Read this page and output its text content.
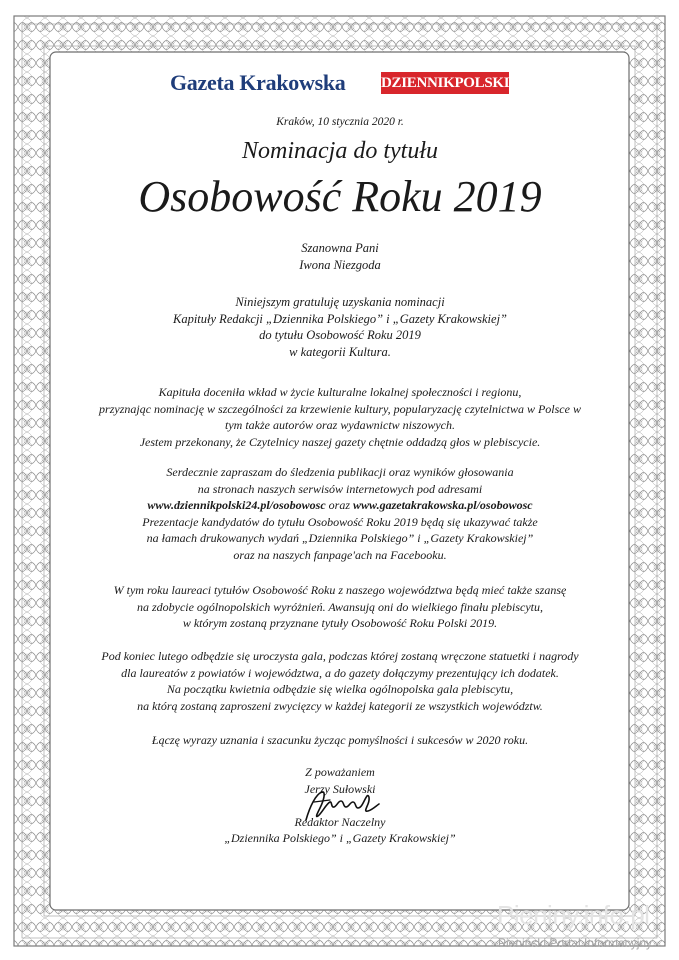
Gazeta Krakowska DZIENNIKPOLSKI
Kraków, 10 stycznia 2020 r.
Nominacja do tytułu
Osobowość Roku 2019
Szanowna Pani
Iwona Niezgoda
Niniejszym gratuluję uzyskania nominacji
Kapituły Redakcji „Dziennika Polskiego” i „Gazety Krakowskiej”
do tytułu Osobowość Roku 2019
w kategorii Kultura.
Kapituła doceniła wkład w życie kulturalne lokalnej społeczności i regionu,
przyznając nominację w szczególności za krzewienie kultury, popularyzację czytelnictwa w Polsce w
tym także autorów oraz wydawnictw niszowych.
Jestem przekonany, że Czytelnicy naszej gazety chętnie oddadzą głos w plebiscycie.
Serdecznie zapraszam do śledzenia publikacji oraz wyników głosowania
na stronach naszych serwisów internetowych pod adresami
www.dziennikpolski24.pl/osobowosc oraz www.gazetakrakowska.pl/osobowosc
Prezentacje kandydatów do tytułu Osobowość Roku 2019 będą się ukazywać także
na łamach drukowanych wydań „Dziennika Polskiego” i „Gazety Krakowskiej”
oraz na naszych fanpage'ach na Facebooku.
W tym roku laureaci tytułów Osobowość Roku z naszego województwa będą mieć także szansę
na zdobycie ogólnopolskich wyróżnień. Awansują oni do wielkiego finału plebiscytu,
w którym zostaną przyznane tytuły Osobowość Roku Polski 2019.
Pod koniec lutego odbędzie się uroczysta gala, podczas której zostaną wręczone statuetki i nagrody
dla laureatów z powiatów i województwa, a do gazety dołączymy prezentujący ich dodatek.
Na początku kwietnia odbędzie się wielka ogólnopolska gala plebiscytu,
na którą zostaną zaproszeni zwycięzcy w każdej kategorii ze wszystkich województw.
Łączę wyrazy uznania i szacunku życząc pomyślności i sukcesów w 2020 roku.
Z poważaniem
Jerzy Sułowski
Redaktor Naczelny
„Dziennika Polskiego” i „Gazety Krakowskiej”
Pieniny.info.pl
Pieniński Portal Informacyjny
